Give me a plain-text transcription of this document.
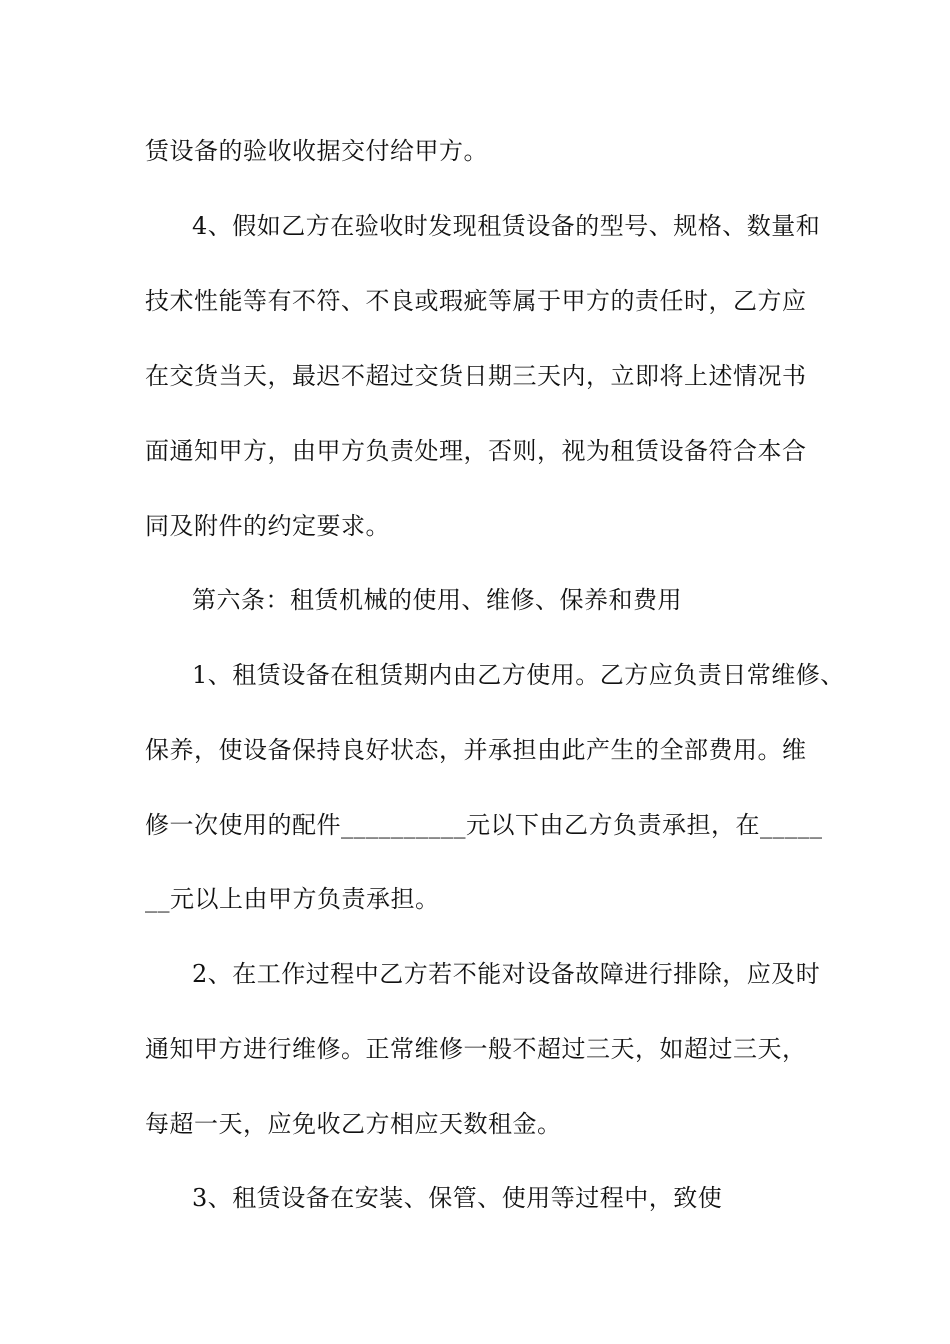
赁设备的验收收据交付给甲方。
4、假如乙方在验收时发现租赁设备的型号、规格、数量和
技术性能等有不符、不良或瑕疵等属于甲方的责任时，乙方应
在交货当天，最迟不超过交货日期三天内，立即将上述情况书
面通知甲方，由甲方负责处理，否则，视为租赁设备符合本合
同及附件的约定要求。
第六条：租赁机械的使用、维修、保养和费用
1、租赁设备在租赁期内由乙方使用。乙方应负责日常维修、
保养，使设备保持良好状态，并承担由此产生的全部费用。维
修一次使用的配件__________元以下由乙方负责承担，在_____
__元以上由甲方负责承担。
2、在工作过程中乙方若不能对设备故障进行排除，应及时
通知甲方进行维修。正常维修一般不超过三天，如超过三天，
每超一天，应免收乙方相应天数租金。
3、租赁设备在安装、保管、使用等过程中，致使
